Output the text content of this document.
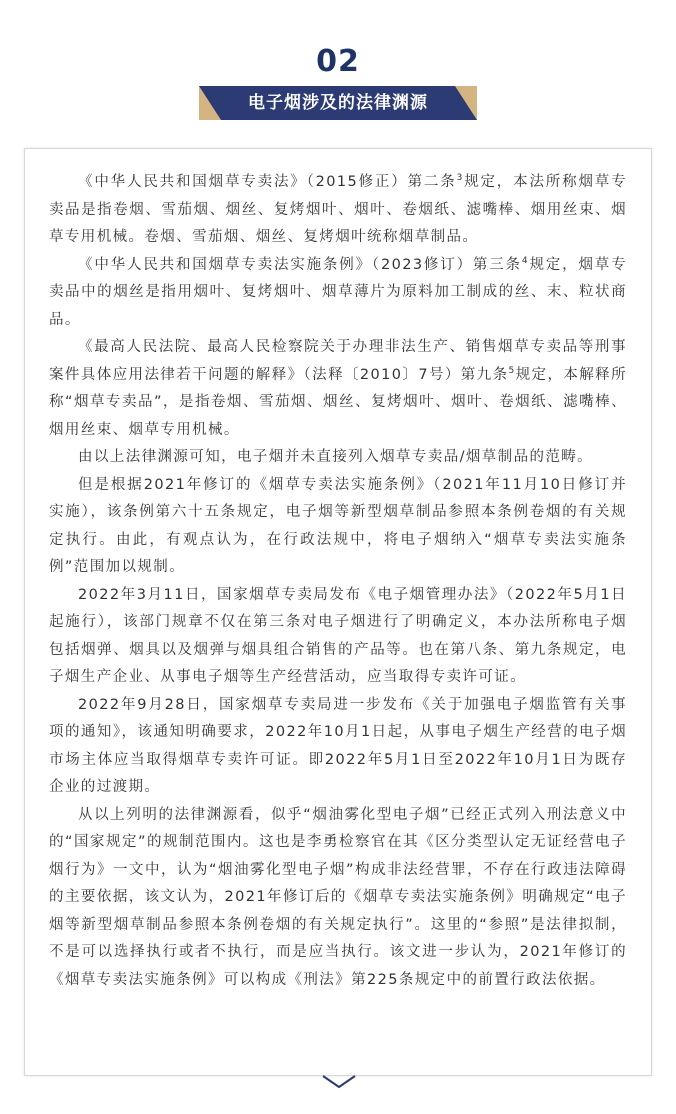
02
电子烟涉及的法律渊源

《中华人民共和国烟草专卖法》（2015修正）第二条$^3$规定，本法所称烟草专卖品是指卷烟、雪茄烟、烟丝、复烤烟叶、烟叶、卷烟纸、滤嘴棒、烟用丝束、烟草专用机械。卷烟、雪茄烟、烟丝、复烤烟叶统称烟草制品。

《中华人民共和国烟草专卖法实施条例》（2023修订）第三条$^4$规定，烟草专卖品中的烟丝是指用烟叶、复烤烟叶、烟草薄片为原料加工制成的丝、末、粒状商品。

《最高人民法院、最高人民检察院关于办理非法生产、销售烟草专卖品等刑事案件具体应用法律若干问题的解释》（法释〔2010〕7号）第九条$^5$规定，本解释所称“烟草专卖品”，是指卷烟、雪茄烟、烟丝、复烤烟叶、烟叶、卷烟纸、滤嘴棒、烟用丝束、烟草专用机械。

由以上法律渊源可知，电子烟并未直接列入烟草专卖品/烟草制品的范畴。

但是根据2021年修订的《烟草专卖法实施条例》（2021年11月10日修订并实施），该条例第六十五条规定，电子烟等新型烟草制品参照本条例卷烟的有关规定执行。由此，有观点认为，在行政法规中，将电子烟纳入“烟草专卖法实施条例”范围加以规制。

2022年3月11日，国家烟草专卖局发布《电子烟管理办法》（2022年5月1日起施行），该部门规章不仅在第三条对电子烟进行了明确定义，本办法所称电子烟包括烟弹、烟具以及烟弹与烟具组合销售的产品等。也在第八条、第九条规定，电子烟生产企业、从事电子烟等生产经营活动，应当取得专卖许可证。

2022年9月28日，国家烟草专卖局进一步发布《关于加强电子烟监管有关事项的通知》，该通知明确要求，2022年10月1日起，从事电子烟生产经营的电子烟市场主体应当取得烟草专卖许可证。即2022年5月1日至2022年10月1日为既存企业的过渡期。

从以上列明的法律渊源看，似乎“烟油雾化型电子烟”已经正式列入刑法意义中的“国家规定”的规制范围内。这也是李勇检察官在其《区分类型认定无证经营电子烟行为》一文中，认为“烟油雾化型电子烟”构成非法经营罪，不存在行政违法障碍的主要依据，该文认为，2021年修订后的《烟草专卖法实施条例》明确规定“电子烟等新型烟草制品参照本条例卷烟的有关规定执行”。这里的“参照”是法律拟制，不是可以选择执行或者不执行，而是应当执行。该文进一步认为，2021年修订的《烟草专卖法实施条例》可以构成《刑法》第225条规定中的前置行政法依据。
